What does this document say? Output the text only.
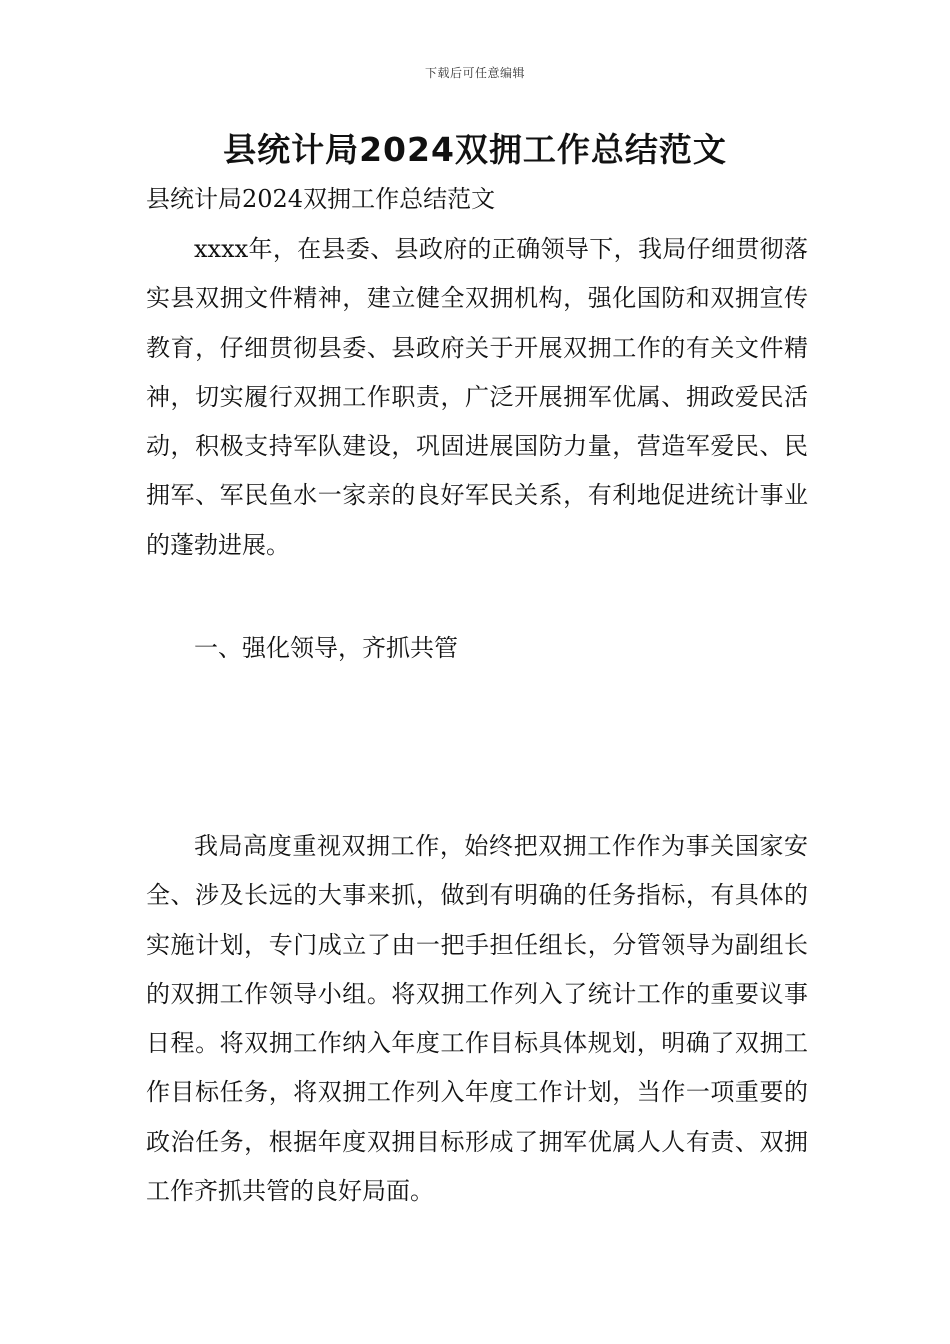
下载后可任意编辑
县统计局2024双拥工作总结范文

县统计局2024双拥工作总结范文

xxxx年，在县委、县政府的正确领导下，我局仔细贯彻落实县双拥文件精神，建立健全双拥机构，强化国防和双拥宣传教育，仔细贯彻县委、县政府关于开展双拥工作的有关文件精神，切实履行双拥工作职责，广泛开展拥军优属、拥政爱民活动，积极支持军队建设，巩固进展国防力量，营造军爱民、民拥军、军民鱼水一家亲的良好军民关系，有利地促进统计事业的蓬勃进展。

一、强化领导，齐抓共管

我局高度重视双拥工作，始终把双拥工作作为事关国家安全、涉及长远的大事来抓，做到有明确的任务指标，有具体的实施计划，专门成立了由一把手担任组长，分管领导为副组长的双拥工作领导小组。将双拥工作列入了统计工作的重要议事日程。将双拥工作纳入年度工作目标具体规划，明确了双拥工作目标任务，将双拥工作列入年度工作计划，当作一项重要的政治任务，根据年度双拥目标形成了拥军优属人人有责、双拥工作齐抓共管的良好局面。
